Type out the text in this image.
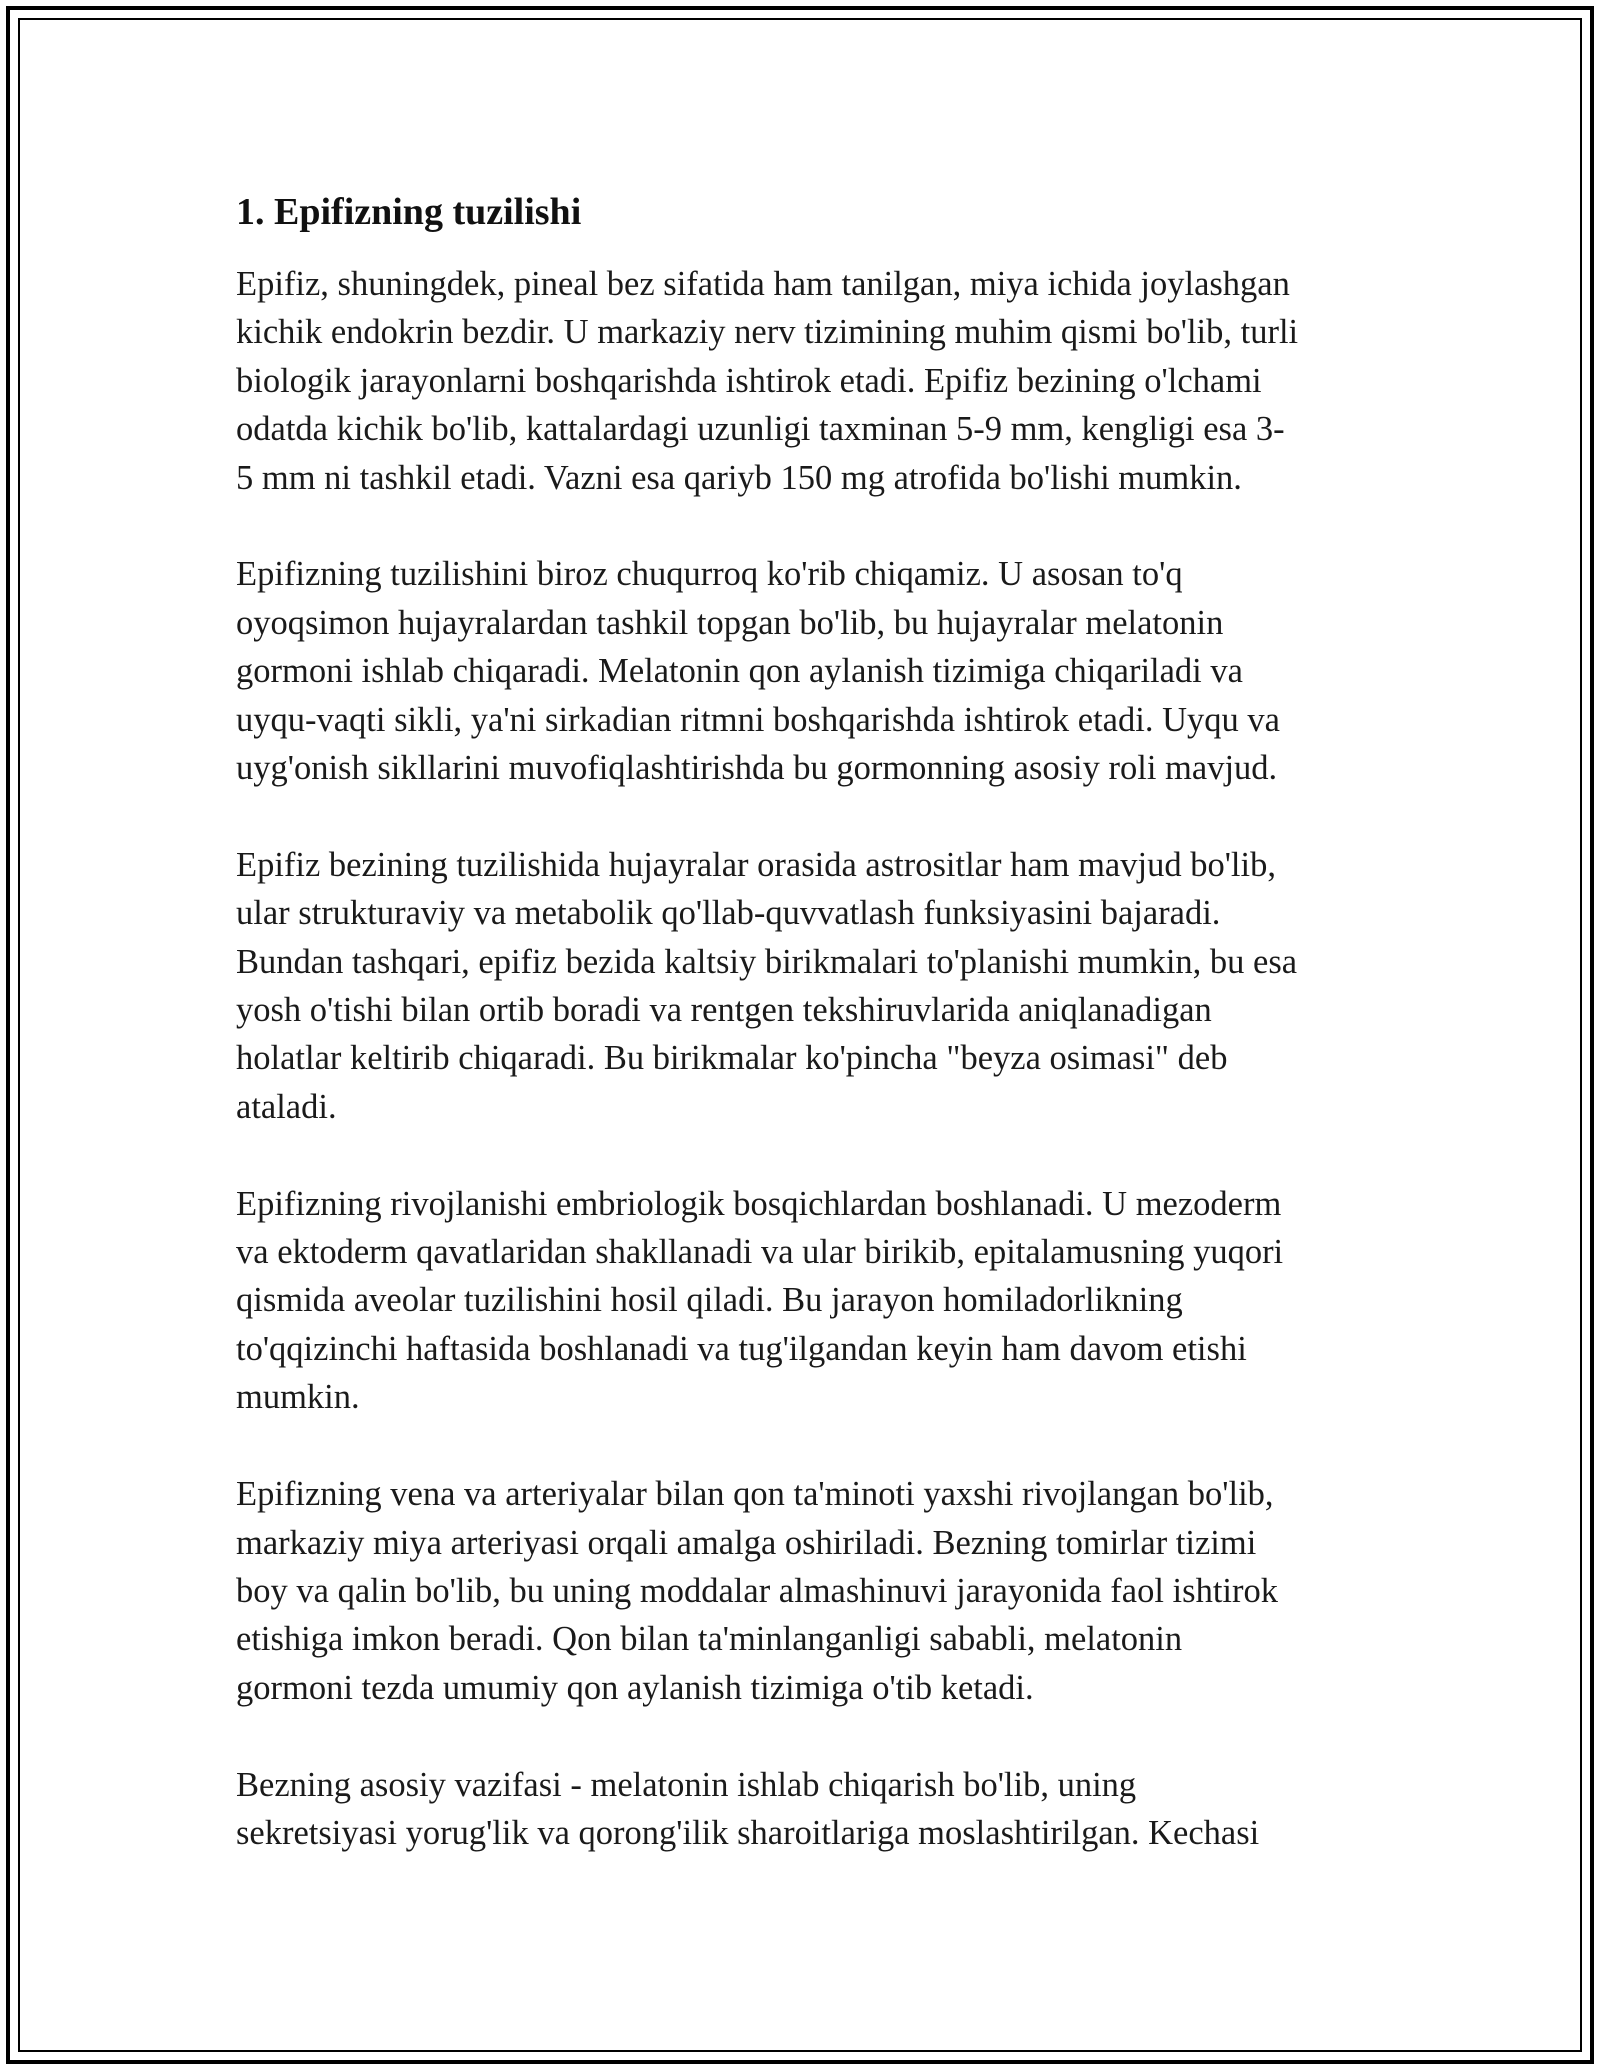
1. Epifizning tuzilishi

Epifiz, shuningdek, pineal bez sifatida ham tanilgan, miya ichida joylashgan
kichik endokrin bezdir. U markaziy nerv tizimining muhim qismi bo'lib, turli
biologik jarayonlarni boshqarishda ishtirok etadi. Epifiz bezining o'lchami
odatda kichik bo'lib, kattalardagi uzunligi taxminan 5-9 mm, kengligi esa 3-
5 mm ni tashkil etadi. Vazni esa qariyb 150 mg atrofida bo'lishi mumkin.

Epifizning tuzilishini biroz chuqurroq ko'rib chiqamiz. U asosan to'q
oyoqsimon hujayralardan tashkil topgan bo'lib, bu hujayralar melatonin
gormoni ishlab chiqaradi. Melatonin qon aylanish tizimiga chiqariladi va
uyqu-vaqti sikli, ya'ni sirkadian ritmni boshqarishda ishtirok etadi. Uyqu va
uyg'onish sikllarini muvofiqlashtirishda bu gormonning asosiy roli mavjud.

Epifiz bezining tuzilishida hujayralar orasida astrositlar ham mavjud bo'lib,
ular strukturaviy va metabolik qo'llab-quvvatlash funksiyasini bajaradi.
Bundan tashqari, epifiz bezida kaltsiy birikmalari to'planishi mumkin, bu esa
yosh o'tishi bilan ortib boradi va rentgen tekshiruvlarida aniqlanadigan
holatlar keltirib chiqaradi. Bu birikmalar ko'pincha "beyza osimasi" deb
ataladi.

Epifizning rivojlanishi embriologik bosqichlardan boshlanadi. U mezoderm
va ektoderm qavatlaridan shakllanadi va ular birikib, epitalamusning yuqori
qismida aveolar tuzilishini hosil qiladi. Bu jarayon homiladorlikning
to'qqizinchi haftasida boshlanadi va tug'ilgandan keyin ham davom etishi
mumkin.

Epifizning vena va arteriyalar bilan qon ta'minoti yaxshi rivojlangan bo'lib,
markaziy miya arteriyasi orqali amalga oshiriladi. Bezning tomirlar tizimi
boy va qalin bo'lib, bu uning moddalar almashinuvi jarayonida faol ishtirok
etishiga imkon beradi. Qon bilan ta'minlanganligi sababli, melatonin
gormoni tezda umumiy qon aylanish tizimiga o'tib ketadi.

Bezning asosiy vazifasi - melatonin ishlab chiqarish bo'lib, uning
sekretsiyasi yorug'lik va qorong'ilik sharoitlariga moslashtirilgan. Kechasi
